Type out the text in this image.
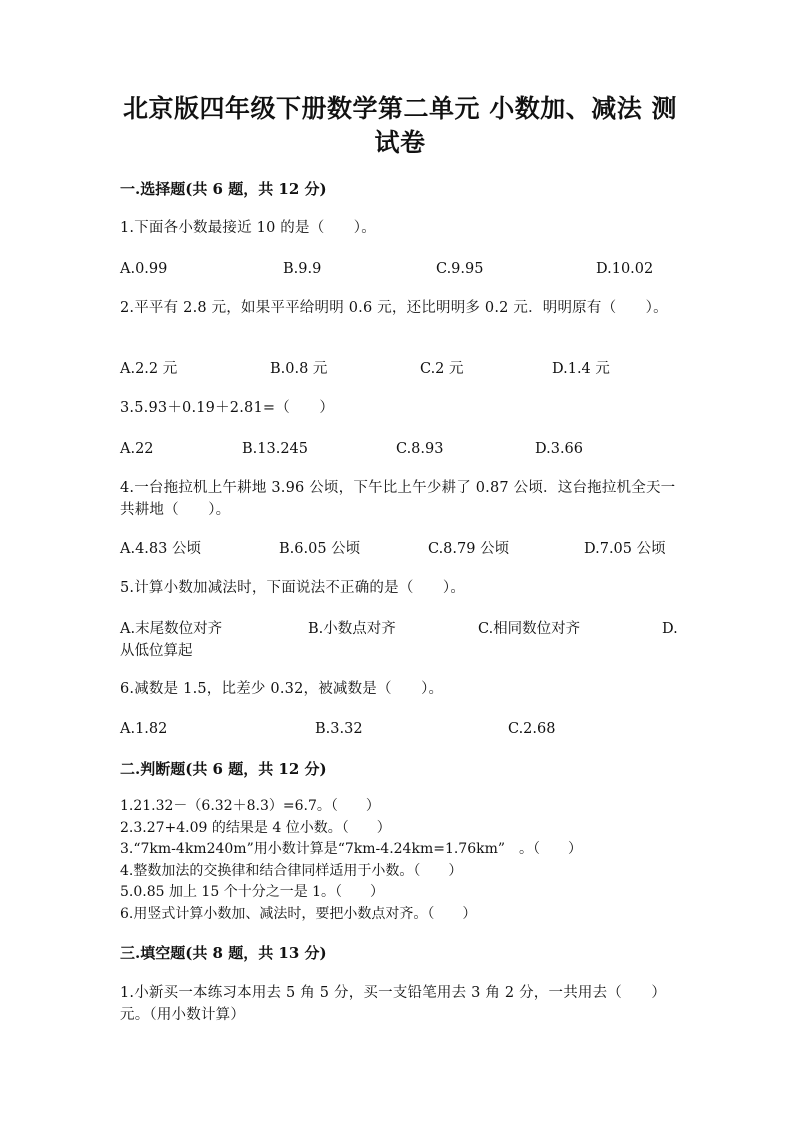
北京版四年级下册数学第二单元 小数加、减法 测试卷
一.选择题(共 6 题，共 12 分)
1.下面各小数最接近 10 的是（　　）。
A.0.99	B.9.9	C.9.95	D.10.02
2.平平有 2.8 元，如果平平给明明 0.6 元，还比明明多 0.2 元．明明原有（　　）。
A.2.2 元	B.0.8 元	C.2 元	D.1.4 元
3.5.93＋0.19＋2.81=（　　）
A.22	B.13.245	C.8.93	D.3.66
4.一台拖拉机上午耕地 3.96 公顷，下午比上午少耕了 0.87 公顷．这台拖拉机全天一共耕地（　　）。
A.4.83 公顷	B.6.05 公顷	C.8.79 公顷	D.7.05 公顷
5.计算小数加减法时，下面说法不正确的是（　　）。
A.末尾数位对齐	B.小数点对齐	C.相同数位对齐	D.
从低位算起
6.减数是 1.5，比差少 0.32，被减数是（　　）。
A.1.82	B.3.32	C.2.68
二.判断题(共 6 题，共 12 分)
1.21.32－（6.32＋8.3）=6.7。（　　）
2.3.27+4.09 的结果是 4 位小数。（　　）
3.“7km-4km240m”用小数计算是“7km-4.24km=1.76km”　。（　　）
4.整数加法的交换律和结合律同样适用于小数。（　　）
5.0.85 加上 15 个十分之一是 1。（　　）
6.用竖式计算小数加、减法时，要把小数点对齐。（　　）
三.填空题(共 8 题，共 13 分)
1.小新买一本练习本用去 5 角 5 分，买一支铅笔用去 3 角 2 分，一共用去（　　）元。（用小数计算）
